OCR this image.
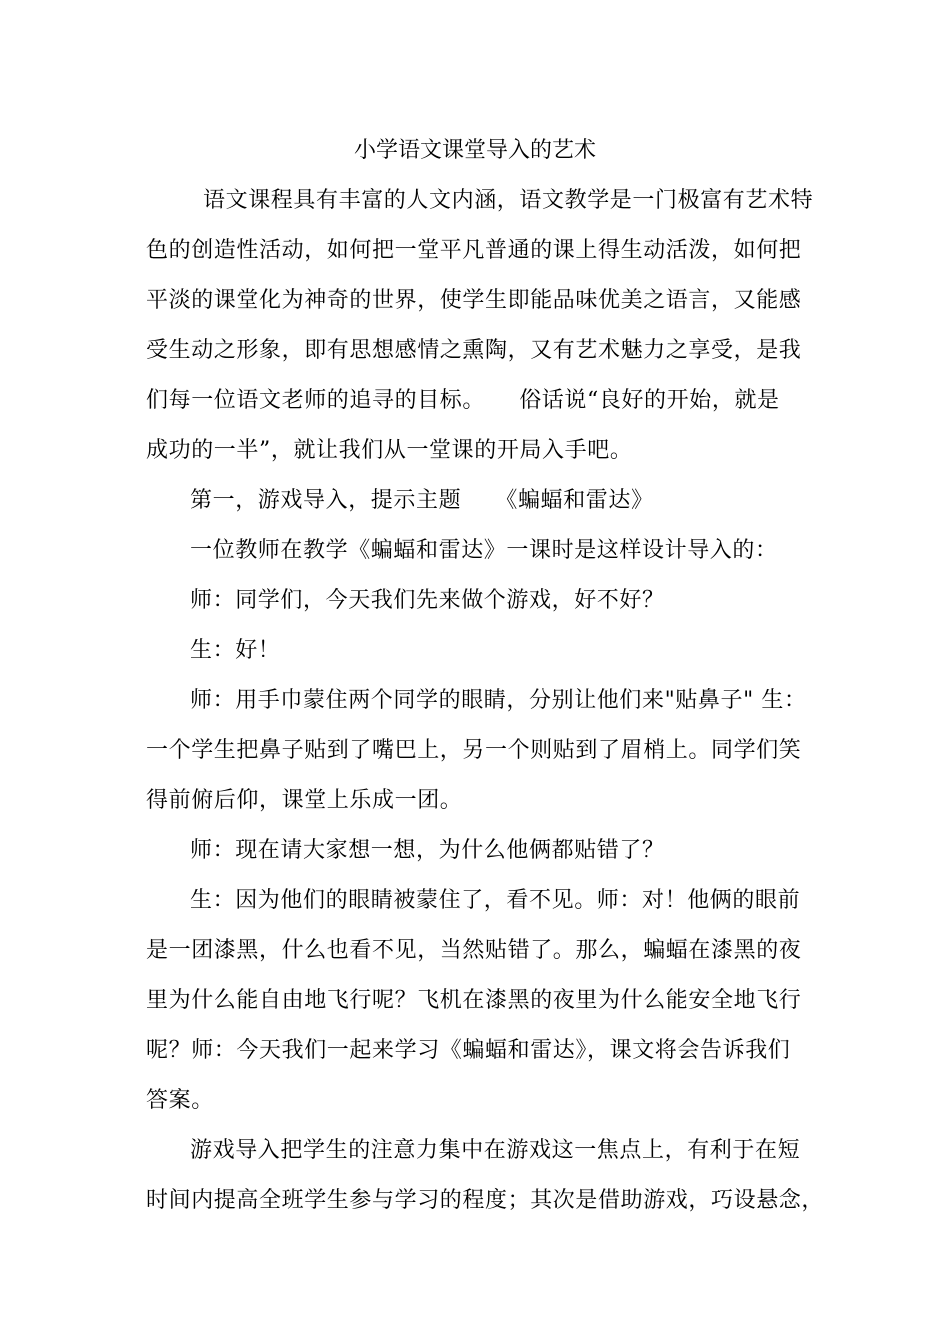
小学语文课堂导入的艺术
语文课程具有丰富的人文内涵，语文教学是一门极富有艺术特
色的创造性活动，如何把一堂平凡普通的课上得生动活泼，如何把
平淡的课堂化为神奇的世界，使学生即能品味优美之语言，又能感
受生动之形象，即有思想感情之熏陶，又有艺术魅力之享受，是我
们每一位语文老师的追寻的目标。　　俗话说“良好的开始，就是
成功的一半”，就让我们从一堂课的开局入手吧。
第一，游戏导入，提示主题　　《蝙蝠和雷达》
一位教师在教学《蝙蝠和雷达》一课时是这样设计导入的：
师：同学们，今天我们先来做个游戏，好不好？
生：好！
师：用手巾蒙住两个同学的眼睛，分别让他们来"贴鼻子" 生：
一个学生把鼻子贴到了嘴巴上，另一个则贴到了眉梢上。同学们笑
得前俯后仰，课堂上乐成一团。
师：现在请大家想一想，为什么他俩都贴错了？
生：因为他们的眼睛被蒙住了，看不见。师：对！他俩的眼前
是一团漆黑，什么也看不见，当然贴错了。那么，蝙蝠在漆黑的夜
里为什么能自由地飞行呢？飞机在漆黑的夜里为什么能安全地飞行
呢？师：今天我们一起来学习《蝙蝠和雷达》，课文将会告诉我们
答案。
游戏导入把学生的注意力集中在游戏这一焦点上，有利于在短
时间内提高全班学生参与学习的程度；其次是借助游戏，巧设悬念，
